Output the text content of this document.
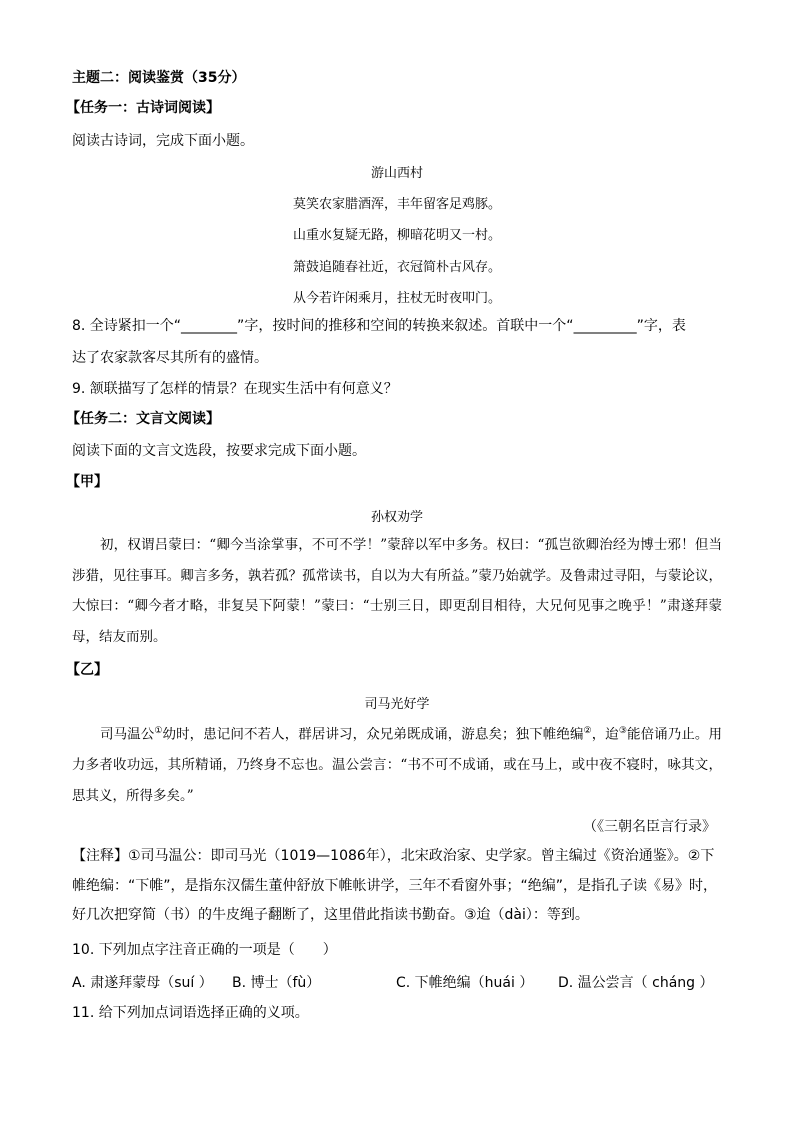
主题二：阅读鉴赏（35分）
【任务一：古诗词阅读】
阅读古诗词，完成下面小题。
游山西村
莫笑农家腊酒浑，丰年留客足鸡豚。
山重水复疑无路，柳暗花明又一村。
箫鼓追随春社近，衣冠简朴古风存。
从今若许闲乘月，拄杖无时夜叩门。
8. 全诗紧扣一个“________”字，按时间的推移和空间的转换来叙述。首联中一个“_________”字，表
达了农家款客尽其所有的盛情。
9. 颔联描写了怎样的情景？在现实生活中有何意义？
【任务二：文言文阅读】
阅读下面的文言文选段，按要求完成下面小题。
【甲】
孙权劝学
初，权谓吕蒙曰：“卿今当涂掌事，不可不学！”蒙辞以军中多务。权曰：“孤岂欲卿治经为博士邪！但当涉猎，见往事耳。卿言多务，孰若孤？孤常读书，自以为大有所益。”蒙乃始就学。及鲁肃过寻阳，与蒙论议，大惊曰：“卿今者才略，非复吴下阿蒙！”蒙曰：“士别三日，即更刮目相待，大兄何见事之晚乎！”肃遂拜蒙母，结友而别。
【乙】
司马光好学
司马温公①幼时，患记问不若人，群居讲习，众兄弟既成诵，游息矣；独下帷绝编②，迨③能倍诵乃止。用力多者收功远，其所精诵，乃终身不忘也。温公尝言：“书不可不成诵，或在马上，或中夜不寝时，咏其文，思其义，所得多矣。”
（《三朝名臣言行录》
【注释】①司马温公：即司马光（1019—1086年），北宋政治家、史学家。曾主编过《资治通鉴》。②下帷绝编：“下帷”，是指东汉儒生董仲舒放下帷帐讲学，三年不看窗外事；“绝编”，是指孔子读《易》时，好几次把穿简（书）的牛皮绳子翻断了，这里借此指读书勤奋。③迨（dài）：等到。
10. 下列加点字注音正确的一项是（　　）
A. 肃遂拜蒙母（suí ） B. 博士（fù）	C. 下帷绝编（huái ） D. 温公尝言（ cháng ）
11. 给下列加点词语选择正确的义项。
